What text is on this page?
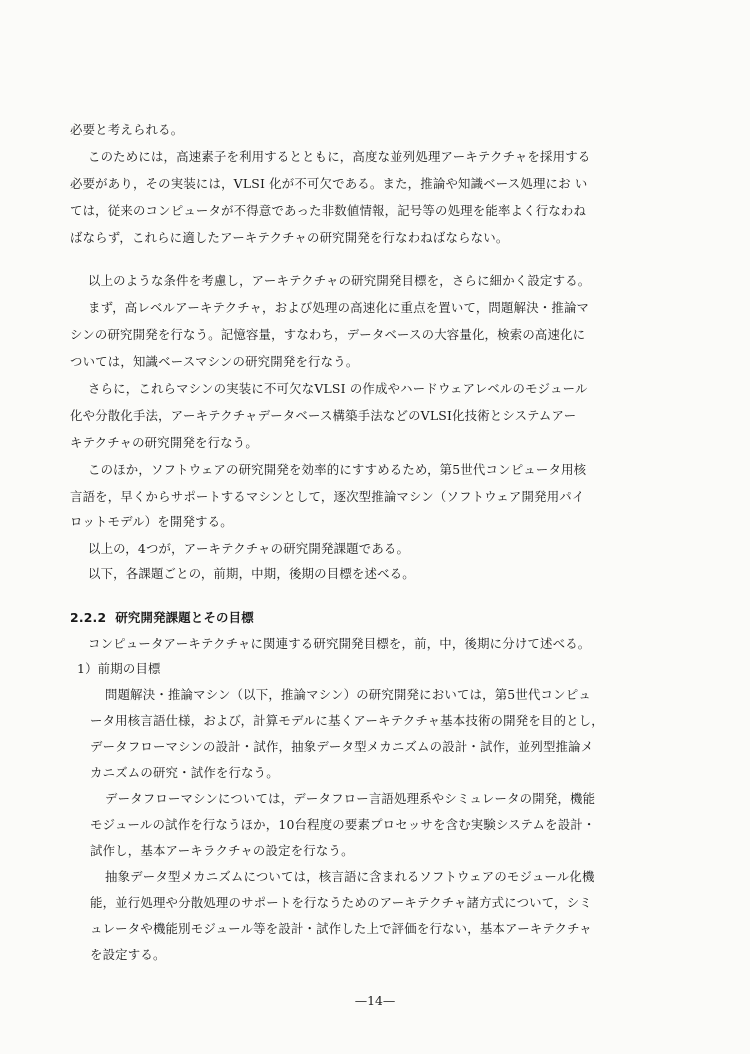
必要と考えられる。
このためには，高速素子を利用するとともに，高度な並列処理アーキテクチャを採用する
必要があり，その実装には，VLSI 化が不可欠である。また，推論や知識ベース処理にお い
ては，従来のコンピュータが不得意であった非数値情報，記号等の処理を能率よく行なわね
ばならず，これらに適したアーキテクチャの研究開発を行なわねばならない。
以上のような条件を考慮し，アーキテクチャの研究開発目標を，さらに細かく設定する。
まず，高レベルアーキテクチャ，および処理の高速化に重点を置いて，問題解決・推論マ
シンの研究開発を行なう。記憶容量，すなわち，データベースの大容量化，検索の高速化に
ついては，知識ベースマシンの研究開発を行なう。
さらに，これらマシンの実装に不可欠なVLSI の作成やハードウェアレベルのモジュール
化や分散化手法，アーキテクチャデータベース構築手法などのVLSI化技術とシステムアー
キテクチャの研究開発を行なう。
このほか，ソフトウェアの研究開発を効率的にすすめるため，第5世代コンピュータ用核
言語を，早くからサポートするマシンとして，逐次型推論マシン（ソフトウェア開発用パイ
ロットモデル）を開発する。
以上の，4つが，アーキテクチャの研究開発課題である。
以下，各課題ごとの，前期，中期，後期の目標を述べる。
2.2.2 研究開発課題とその目標
コンピュータアーキテクチャに関連する研究開発目標を，前，中，後期に分けて述べる。
1）前期の目標
問題解決・推論マシン（以下，推論マシン）の研究開発においては，第5世代コンピュ
ータ用核言語仕様，および，計算モデルに基くアーキテクチャ基本技術の開発を目的とし，
データフローマシンの設計・試作，抽象データ型メカニズムの設計・試作，並列型推論メ
カニズムの研究・試作を行なう。
データフローマシンについては，データフロー言語処理系やシミュレータの開発，機能
モジュールの試作を行なうほか，10台程度の要素プロセッサを含む実験システムを設計・
試作し，基本アーキラクチャの設定を行なう。
抽象データ型メカニズムについては，核言語に含まれるソフトウェアのモジュール化機
能，並行処理や分散処理のサポートを行なうためのアーキテクチャ諸方式について，シミ
ュレータや機能別モジュール等を設計・試作した上で評価を行ない，基本アーキテクチャ
を設定する。
—14—
